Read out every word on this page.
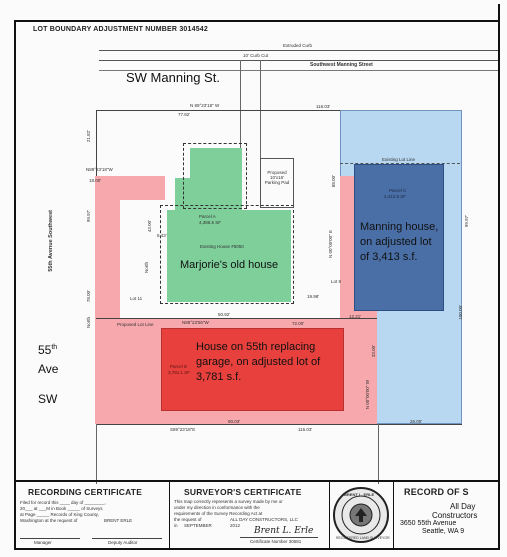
LOT BOUNDARY ADJUSTMENT NUMBER 3014542
Extruded Curb
10' Curb Cut
Southwest Manning Street
SW Manning St.
N 89°23'18" W
77.82'
116.03'
21.82'
Proposed 10'x16' Parking Pad
Parcel A
4,386.5 SF
Existing House #5050
N89°23'18"W
18.00'
43.00'
6.43'
North
Lot 11
55th Avenue Southwest	99.97'
78.00'
North
55th
Ave
SW
Existing Lot Line
88.00'
N 00°00'00" E
Lot 9
19.98'
Parcel C
3,412.8 SF
Manning house, on adjusted lot of 3,413 s.f.
Marjorie's old house
50.92'
Proposed Lot Line	N89°23'56"W	72.00'
12.21'
Parcel B
3,781.1 SF
House on 55th replacing garage, on adjusted lot of 3,781 s.f.
33.00'
N 00°00'00" W
90.03'
S89°23'18"E	116.03'
26.00'
99.97'
100.00'
RECORDING CERTIFICATE
Filed for record this ____ day of ________,
20___ at ___M in Book _____ of Surveys
at Page _____ Records of King County,
Washington at the request of	BRENT ERLE
Manager	Deputy Auditor
SURVEYOR'S CERTIFICATE
This map correctly represents a survey made by me or
under my direction in conformance with the
requirements of the Survey Recording Act at
the request of	ALL DAY CONSTRUCTORS, LLC
in SEPTEMBER	2012
Brent L. Erle
Certificate Number 30581
BRENT L. ERLE
REGISTERED LAND SURVEYOR
RECORD OF S
All Day
Constructors
3650 55th Avenue
Seattle, WA 9
